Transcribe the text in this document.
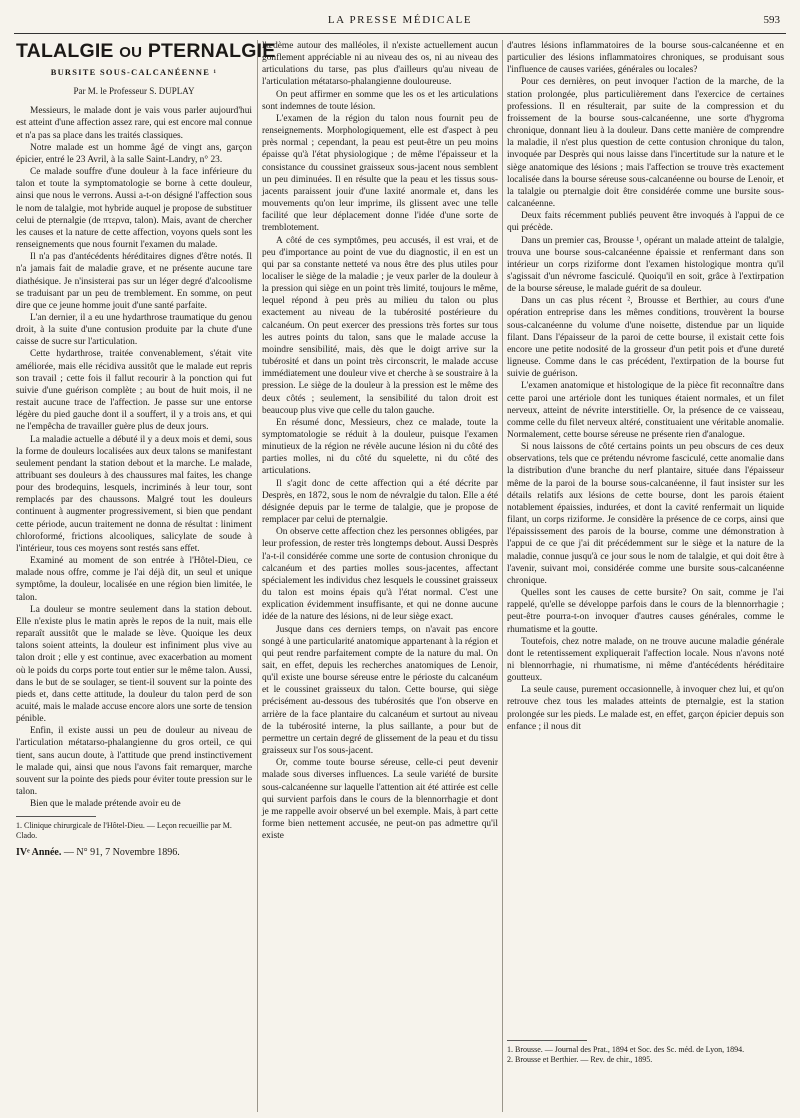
LA PRESSE MÉDICALE	593
TALALGIE OU PTERNALGIE
BURSITE SOUS-CALCANÉENNE ¹
Par M. le Professeur S. DUPLAY

Messieurs, le malade dont je vais vous parler aujourd'hui est atteint d'une affection assez rare, qui est encore mal connue et n'a pas sa place dans les traités classiques.

Notre malade est un homme âgé de vingt ans, garçon épicier, entré le 23 Avril, à la salle Saint-Landry, n° 23.

Ce malade souffre d'une douleur à la face inférieure du talon et toute la symptomatologie se borne à cette douleur, ainsi que nous le verrons. Aussi a-t-on désigné l'affection sous le nom de talalgie, mot hybride auquel je propose de substituer celui de pternalgie (de πτερνα, talon). Mais, avant de chercher les causes et la nature de cette affection, voyons quels sont les renseignements que nous fournit l'examen du malade.

Il n'a pas d'antécédents héréditaires dignes d'être notés. Il n'a jamais fait de maladie grave, et ne présente aucune tare diathésique. Je n'insisterai pas sur un léger degré d'alcoolisme se traduisant par un peu de tremblement. En somme, on peut dire que ce jeune homme jouit d'une santé parfaite.

L'an dernier, il a eu une hydarthrose traumatique du genou droit, à la suite d'une contusion produite par la chute d'une caisse de sucre sur l'articulation.

Cette hydarthrose, traitée convenablement, s'était vite améliorée, mais elle récidiva aussitôt que le malade eut repris son travail ; cette fois il fallut recourir à la ponction qui fut suivie d'une guérison complète ; au bout de huit mois, il ne restait aucune trace de l'affection. Je passe sur une entorse légère du pied gauche dont il a souffert, il y a trois ans, et qui ne l'empêcha de travailler guère plus de deux jours.

La maladie actuelle a débuté il y a deux mois et demi, sous la forme de douleurs localisées aux deux talons se manifestant seulement pendant la station debout et la marche. Le malade, attribuant ses douleurs à des chaussures mal faites, les change pour des brodequins, lesquels, incriminés à leur tour, sont remplacés par des chaussons. Malgré tout les douleurs continuent à augmenter progressivement, si bien que pendant cette période, aucun traitement ne donna de résultat : liniment chloroformé, frictions alcooliques, salicylate de soude à l'intérieur, tous ces moyens sont restés sans effet.

Examiné au moment de son entrée à l'Hôtel-Dieu, ce malade nous offre, comme je l'ai déjà dit, un seul et unique symptôme, la douleur, localisée en une région bien limitée, le talon.

La douleur se montre seulement dans la station debout. Elle n'existe plus le matin après le repos de la nuit, mais elle reparaît aussitôt que le malade se lève. Quoique les deux talons soient atteints, la douleur est infiniment plus vive au talon droit ; elle y est continue, avec exacerbation au moment où le poids du corps porte tout entier sur le même talon. Aussi, dans le but de se soulager, se tient-il souvent sur la pointe des pieds et, dans cette attitude, la douleur du talon perd de son acuité, mais le malade accuse encore alors une sorte de tension pénible.

Enfin, il existe aussi un peu de douleur au niveau de l'articulation métatarso-phalangienne du gros orteil, ce qui tient, sans aucun doute, à l'attitude que prend instinctivement le malade qui, ainsi que nous l'avons fait remarquer, marche souvent sur la pointe des pieds pour éviter toute pression sur le talon.

Bien que le malade prétende avoir eu de

1. Clinique chirurgicale de l'Hôtel-Dieu. — Leçon recueillie par M. Clado.

IVᵉ Année. — N° 91, 7 Novembre 1896.

l'œdème autour des malléoles, il n'existe actuellement aucun gonflement appréciable ni au niveau des os, ni au niveau des articulations du tarse, pas plus d'ailleurs qu'au niveau de l'articulation métatarso-phalangienne douloureuse.

On peut affirmer en somme que les os et les articulations sont indemnes de toute lésion.

L'examen de la région du talon nous fournit peu de renseignements. Morphologiquement, elle est d'aspect à peu près normal ; cependant, la peau est peut-être un peu moins épaisse qu'à l'état physiologique ; de même l'épaisseur et la consistance du coussinet graisseux sous-jacent nous semblent un peu diminuées. Il en résulte que la peau et les tissus sous-jacents paraissent jouir d'une laxité anormale et, dans les mouvements qu'on leur imprime, ils glissent avec une telle facilité que leur déplacement donne l'idée d'une sorte de tremblotement.

A côté de ces symptômes, peu accusés, il est vrai, et de peu d'importance au point de vue du diagnostic, il en est un qui par sa constante netteté va nous être des plus utiles pour localiser le siège de la maladie ; je veux parler de la douleur à la pression qui siège en un point très limité, toujours le même, lequel répond à peu près au milieu du talon ou plus exactement au niveau de la tubérosité postérieure du calcanéum. On peut exercer des pressions très fortes sur tous les autres points du talon, sans que le malade accuse la moindre sensibilité, mais, dès que le doigt arrive sur la tubérosité et dans un point très circonscrit, le malade accuse immédiatement une douleur vive et cherche à se soustraire à la pression. Le siège de la douleur à la pression est le même des deux côtés ; seulement, la sensibilité du talon droit est beaucoup plus vive que celle du talon gauche.

En résumé donc, Messieurs, chez ce malade, toute la symptomatologie se réduit à la douleur, puisque l'examen minutieux de la région ne révèle aucune lésion ni du côté des parties molles, ni du côté du squelette, ni du côté des articulations.

Il s'agit donc de cette affection qui a été décrite par Desprès, en 1872, sous le nom de névralgie du talon. Elle a été désignée depuis par le terme de talalgie, que je propose de remplacer par celui de pternalgie.

On observe cette affection chez les personnes obligées, par leur profession, de rester très longtemps debout. Aussi Desprès l'a-t-il considérée comme une sorte de contusion chronique du calcanéum et des parties molles sous-jacentes, affectant spécialement les individus chez lesquels le coussinet graisseux du talon est moins épais qu'à l'état normal. C'est une explication évidemment insuffisante, et qui ne donne aucune idée de la nature des lésions, ni de leur siège exact.

Jusque dans ces derniers temps, on n'avait pas encore songé à une particularité anatomique appartenant à la région et qui peut rendre parfaitement compte de la nature du mal. On sait, en effet, depuis les recherches anatomiques de Lenoir, qu'il existe une bourse séreuse entre le périoste du calcanéum et le coussinet graisseux du talon. Cette bourse, qui siège précisément au-dessous des tubérosités que l'on observe en arrière de la face plantaire du calcanéum et surtout au niveau de la tubérosité interne, la plus saillante, a pour but de permettre un certain degré de glissement de la peau et du tissu graisseux sur l'os sous-jacent.

Or, comme toute bourse séreuse, celle-ci peut devenir malade sous diverses influences. La seule variété de bursite sous-calcanéenne sur laquelle l'attention ait été attirée est celle qui survient parfois dans le cours de la blennorrhagie et dont je me rappelle avoir observé un bel exemple. Mais, à part cette forme bien nettement accusée, ne peut-on pas admettre qu'il existe

d'autres lésions inflammatoires de la bourse sous-calcanéenne et en particulier des lésions inflammatoires chroniques, se produisant sous l'influence de causes variées, générales ou locales?

Pour ces dernières, on peut invoquer l'action de la marche, de la station prolongée, plus particulièrement dans l'exercice de certaines professions. Il en résulterait, par suite de la compression et du froissement de la bourse sous-calcanéenne, une sorte d'hygroma chronique, donnant lieu à la douleur. Dans cette manière de comprendre la maladie, il n'est plus question de cette contusion chronique du talon, invoquée par Desprès qui nous laisse dans l'incertitude sur la nature et le siège anatomique des lésions ; mais l'affection se trouve très exactement localisée dans la bourse séreuse sous-calcanéenne ou bourse de Lenoir, et la talalgie ou pternalgie doit être considérée comme une bursite sous-calcanéenne.

Deux faits récemment publiés peuvent être invoqués à l'appui de ce qui précède.

Dans un premier cas, Brousse ¹, opérant un malade atteint de talalgie, trouva une bourse sous-calcanéenne épaissie et renfermant dans son intérieur un corps riziforme dont l'examen histologique montra qu'il s'agissait d'un névrome fasciculé. Quoiqu'il en soit, grâce à l'extirpation de la bourse séreuse, le malade guérit de sa douleur.

Dans un cas plus récent ², Brousse et Berthier, au cours d'une opération entreprise dans les mêmes conditions, trouvèrent la bourse sous-calcanéenne du volume d'une noisette, distendue par un liquide filant. Dans l'épaisseur de la paroi de cette bourse, il existait cette fois encore une petite nodosité de la grosseur d'un petit pois et d'une dureté ligneuse. Comme dans le cas précédent, l'extirpation de la bourse fut suivie de guérison.

L'examen anatomique et histologique de la pièce fit reconnaître dans cette paroi une artériole dont les tuniques étaient normales, et un filet nerveux, atteint de névrite interstitielle. Or, la présence de ce vaisseau, comme celle du filet nerveux altéré, constituaient une véritable anomalie. Normalement, cette bourse séreuse ne présente rien d'analogue.

Si nous laissons de côté certains points un peu obscurs de ces deux observations, tels que ce prétendu névrome fasciculé, cette anomalie dans la distribution d'une branche du nerf plantaire, située dans l'épaisseur même de la paroi de la bourse sous-calcanéenne, il faut insister sur les détails relatifs aux lésions de cette bourse, dont les parois étaient notablement épaissies, indurées, et dont la cavité renfermait un liquide filant, un corps riziforme. Je considère la présence de ce corps, ainsi que l'épaississement des parois de la bourse, comme une démonstration à l'appui de ce que j'ai dit précédemment sur le siège et la nature de la maladie, connue jusqu'à ce jour sous le nom de talalgie, et qui doit être à l'avenir, suivant moi, considérée comme une bursite sous-calcanéenne chronique.

Quelles sont les causes de cette bursite? On sait, comme je l'ai rappelé, qu'elle se développe parfois dans le cours de la blennorrhagie ; peut-être pourra-t-on invoquer d'autres causes générales, comme le rhumatisme et la goutte.

Toutefois, chez notre malade, on ne trouve aucune maladie générale dont le retentissement expliquerait l'affection locale. Nous n'avons noté ni blennorrhagie, ni rhumatisme, ni même d'antécédents héréditaire goutteux.

La seule cause, purement occasionnelle, à invoquer chez lui, et qu'on retrouve chez tous les malades atteints de pternalgie, est la station prolongée sur les pieds. Le malade est, en effet, garçon épicier depuis son enfance ; il nous dit

1. Brousse. — Journal des Prat., 1894 et Soc. des Sc. méd. de Lyon, 1894.

2. Brousse et Berthier. — Rev. de chir., 1895.
